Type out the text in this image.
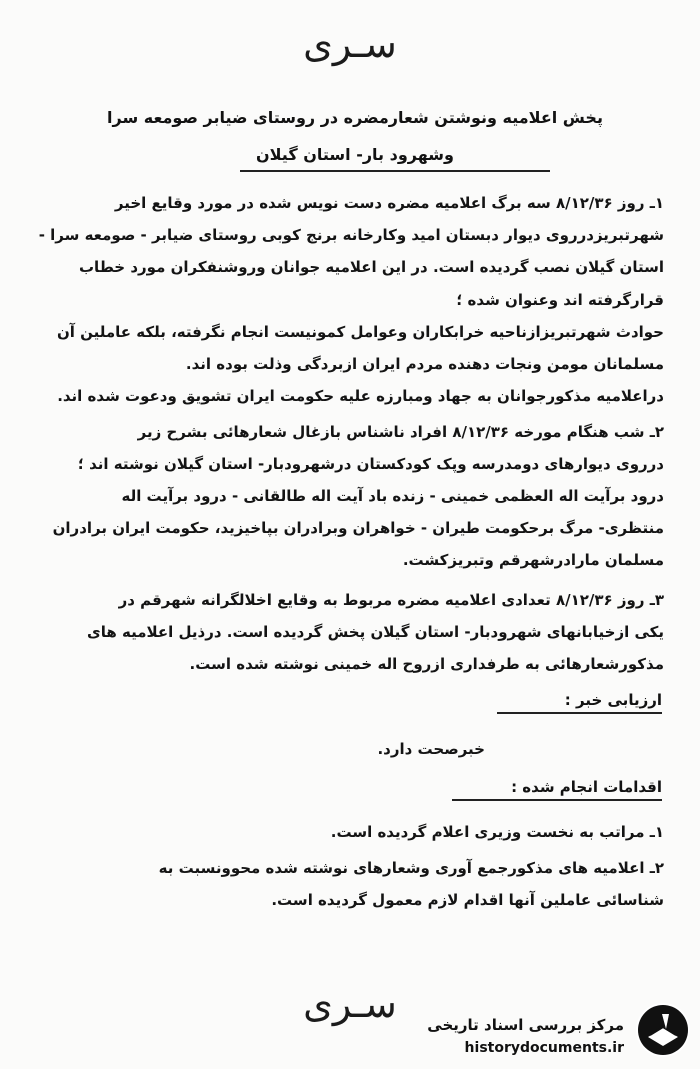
سـرى
پخش اعلامیه ونوشتن شعارمضره در روستای ضیابر صومعه سرا
وشهرود بار- استان گیلان
۱ـ روز ۸/۱۲/۳۶ سه برگ اعلامیه مضره دست نویس شده در مورد وقایع اخیر
شهرتبریزدرروی دیوار دبستان امید وکارخانه برنج کوبی روستای ضیابر - صومعه سرا -
استان گیلان نصب گردیده است. در این اعلامیه جوانان وروشنفکران مورد خطاب
قرارگرفته اند وعنوان شده ؛
حوادث شهرتبریزازناحیه خرابکاران وعوامل کمونیست انجام نگرفته، بلکه عاملین آن
مسلمانان مومن ونجات دهنده مردم ایران ازبردگی وذلت بوده اند.
دراعلامیه مذکورجوانان به جهاد ومبارزه علیه حکومت ایران تشویق ودعوت شده اند.
۲ـ شب هنگام مورخه ۸/۱۲/۳۶ افراد ناشناس بازغال شعارهائی بشرح زیر
درروی دیوارهای دومدرسه وپک کودکستان درشهرودبار- استان گیلان نوشته اند ؛
درود برآیت اله العظمی خمینی - زنده باد آیت اله طالقانی - درود برآیت اله
منتظری- مرگ برحکومت طیران - خواهران وبرادران بپاخیزید، حکومت ایران برادران
مسلمان مارادرشهرقم وتبریزکشت.
۳ـ روز ۸/۱۲/۳۶ تعدادی اعلامیه مضره مربوط به وقایع اخلالگرانه شهرقم در
یکی ازخیابانهای شهرودبار- استان گیلان پخش گردیده است. درذیل اعلامیه های
مذکورشعارهائی به طرفداری ازروح اله خمینی نوشته شده است.
ارزیابی خبر :
خبرصحت دارد.
اقدامات انجام شده :
۱ـ مراتب به نخست وزیری اعلام گردیده است.
۲ـ اعلامیه های مذکورجمع آوری وشعارهای نوشته شده محوونسبت به
شناسائی عاملین آنها اقدام لازم معمول گردیده است.
سـرى	مرکز بررسی اسناد تاریخی
historydocuments.ir
